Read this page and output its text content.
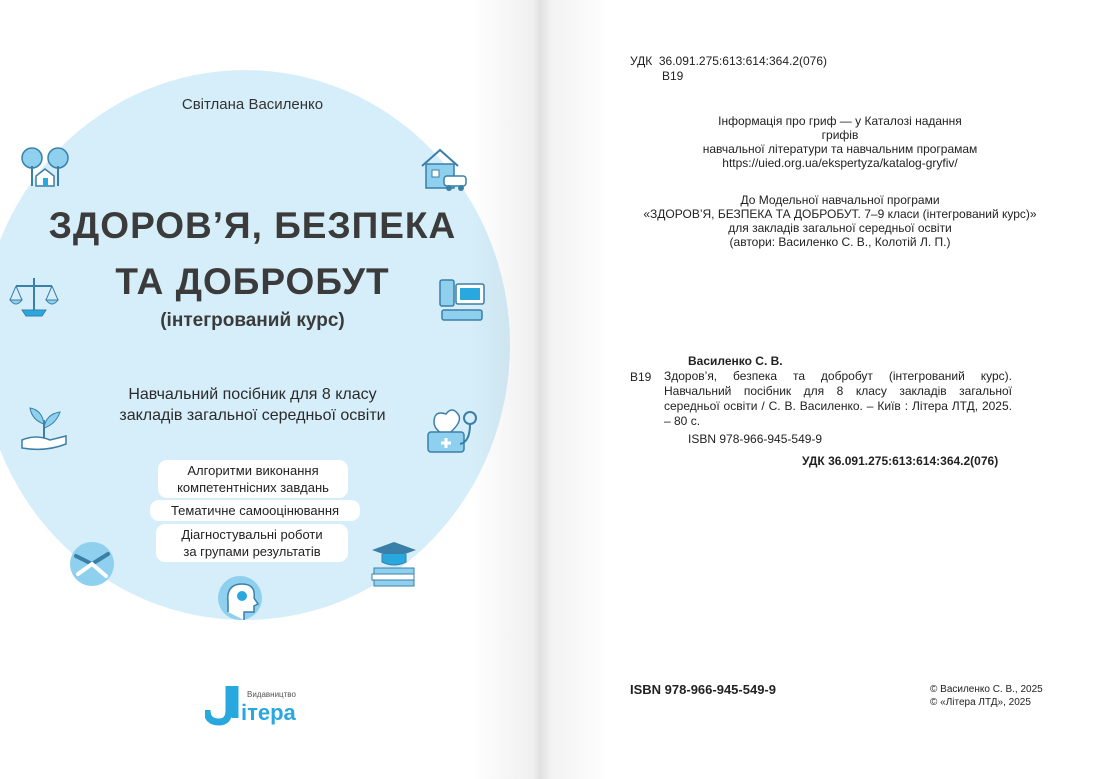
Світлана Василенко
ЗДОРОВ’Я, БЕЗПЕКА
ТА ДОБРОБУТ
(інтегрований курс)
Навчальний посібник для 8 класу
закладів загальної середньої освіти
Алгоритми виконання
компетентнісних завдань
Тематичне самооцінювання
Діагностувальні роботи
за групами результатів
Видавництво
ітера
УДК 36.091.275:613:614:364.2(076)
В19
Інформація про гриф — у Каталозі надання грифів
навчальної літератури та навчальним програмам
https://uied.org.ua/ekspertyza/katalog-gryfiv/
До Модельної навчальної програми
«ЗДОРОВ’Я, БЕЗПЕКА ТА ДОБРОБУТ. 7–9 класи (інтегрований курс)»
для закладів загальної середньої освіти
(автори: Василенко С. В., Колотій Л. П.)
Василенко С. В.
В19 Здоров’я, безпека та добробут (інтегрований курс). Навчальний посібник для 8 класу закладів загальної середньої освіти / С. В. Василенко. – Київ : Літера ЛТД, 2025. – 80 с.
ISBN 978-966-945-549-9
УДК 36.091.275:613:614:364.2(076)
ISBN 978-966-945-549-9	© Василенко С. В., 2025
© «Літера ЛТД», 2025
